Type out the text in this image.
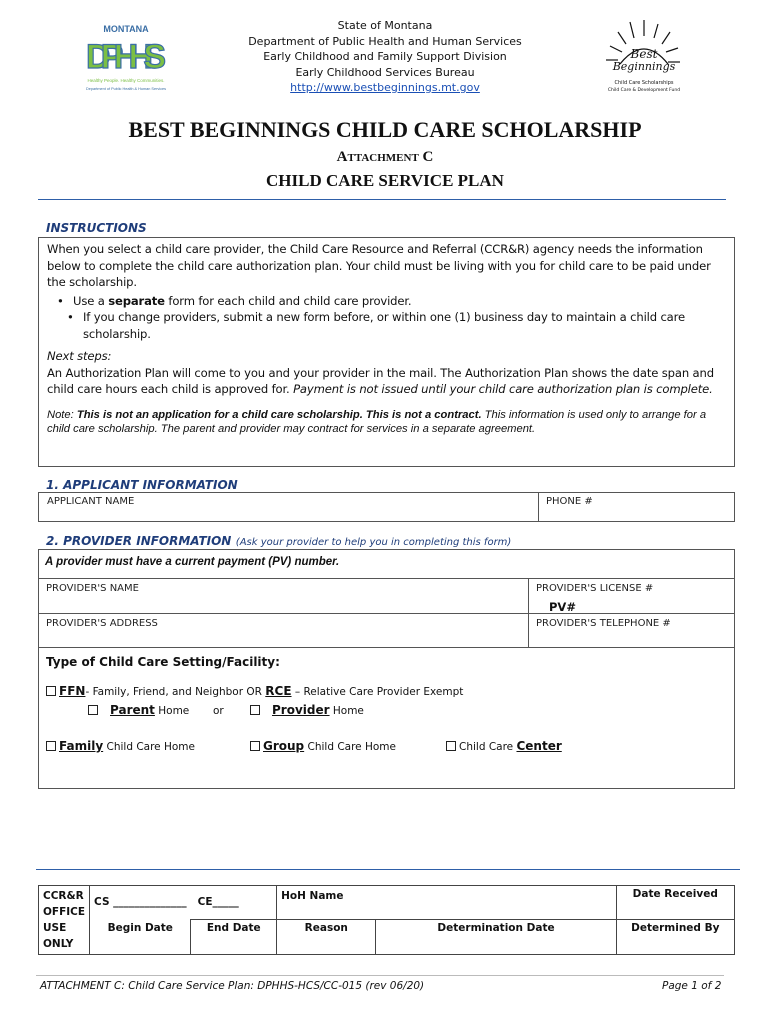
MONTANA
DPHHS
Healthy People. Healthy Communities.
Department of Public Health & Human Services
State of Montana
Department of Public Health and Human Services
Early Childhood and Family Support Division
Early Childhood Services Bureau
http://www.bestbeginnings.mt.gov
Best
Beginnings
Child Care Scholarships
Child Care & Development Fund
BEST BEGINNINGS CHILD CARE SCHOLARSHIP
Attachment C
CHILD CARE SERVICE PLAN
INSTRUCTIONS
When you select a child care provider, the Child Care Resource and Referral (CCR&R) agency needs the information below to complete the child care authorization plan. Your child must be living with you for child care to be paid under the scholarship.
• Use a separate form for each child and child care provider.
• If you change providers, submit a new form before, or within one (1) business day to maintain a child care scholarship.
Next steps:
An Authorization Plan will come to you and your provider in the mail. The Authorization Plan shows the date span and child care hours each child is approved for. Payment is not issued until your child care authorization plan is complete.
Note: This is not an application for a child care scholarship. This is not a contract. This information is used only to arrange for a child care scholarship. The parent and provider may contract for services in a separate agreement.
1. APPLICANT INFORMATION
APPLICANT NAME	PHONE #
2. PROVIDER INFORMATION (Ask your provider to help you in completing this form)
A provider must have a current payment (PV) number.
PROVIDER'S NAME	PROVIDER'S LICENSE #
PV#
PROVIDER'S ADDRESS	PROVIDER'S TELEPHONE #
Type of Child Care Setting/Facility:
FFN- Family, Friend, and Neighbor OR RCE – Relative Care Provider Exempt
Parent Home or	Provider Home
Family Child Care Home	Group Child Care Home	Child Care Center
CCR&R OFFICE USE ONLY	CS ______________ CE_____		HoH Name		Date Received
	Begin Date	End Date	Reason	Determination Date	Determined By
ATTACHMENT C: Child Care Service Plan: DPHHS-HCS/CC-015 (rev 06/20)	Page 1 of 2
